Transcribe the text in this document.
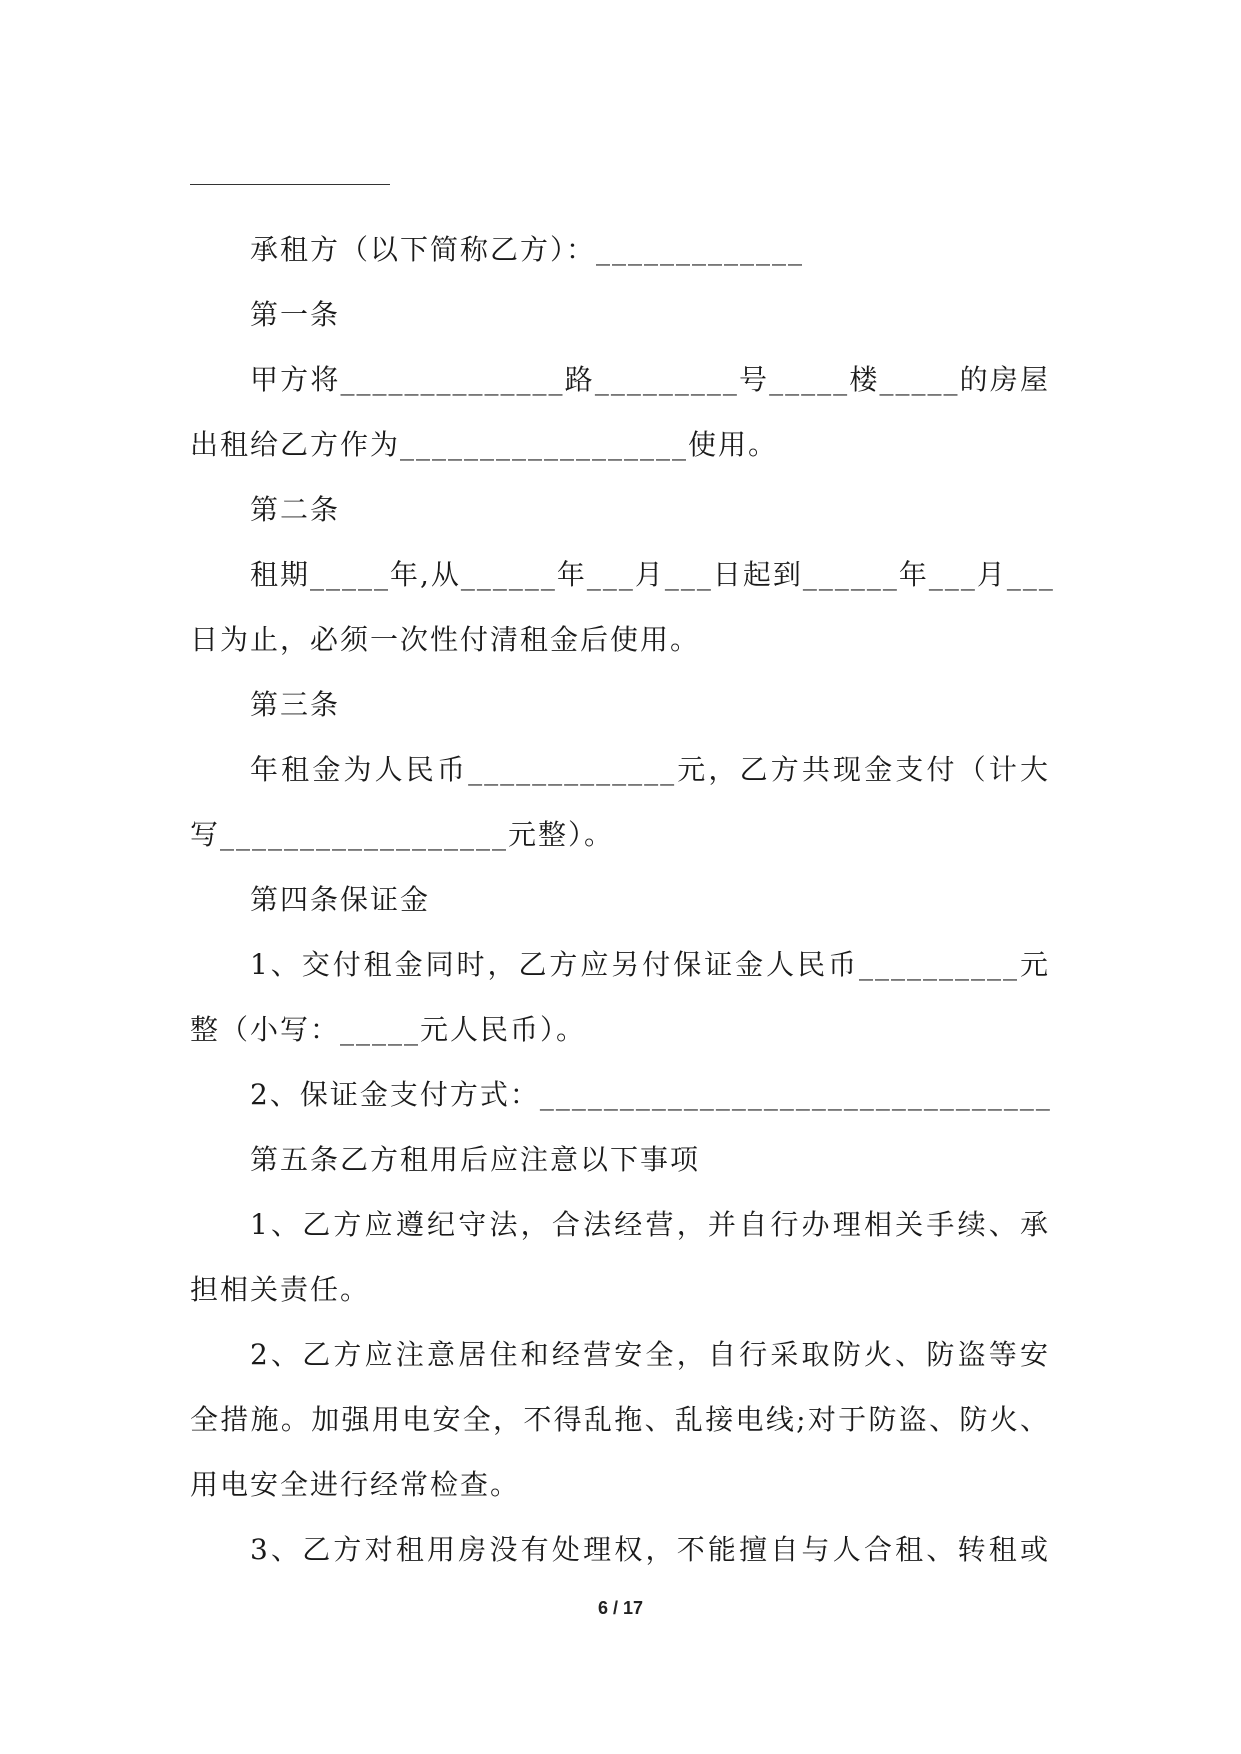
承租方（以下简称乙方）：_____________
第一条
甲方将______________路_________号_____楼_____的房屋
出租给乙方作为__________________使用。
第二条
租期_____年,从______年___月___日起到______年___月___
日为止，必须一次性付清租金后使用。
第三条
年租金为人民币_____________元，乙方共现金支付（计大
写__________________元整）。
第四条保证金
1、交付租金同时，乙方应另付保证金人民币__________元
整（小写：_____元人民币）。
2、保证金支付方式：________________________________
第五条乙方租用后应注意以下事项
1、乙方应遵纪守法，合法经营，并自行办理相关手续、承
担相关责任。
2、乙方应注意居住和经营安全，自行采取防火、防盗等安
全措施。加强用电安全，不得乱拖、乱接电线;对于防盗、防火、
用电安全进行经常检查。
3、乙方对租用房没有处理权，不能擅自与人合租、转租或
6 / 17
